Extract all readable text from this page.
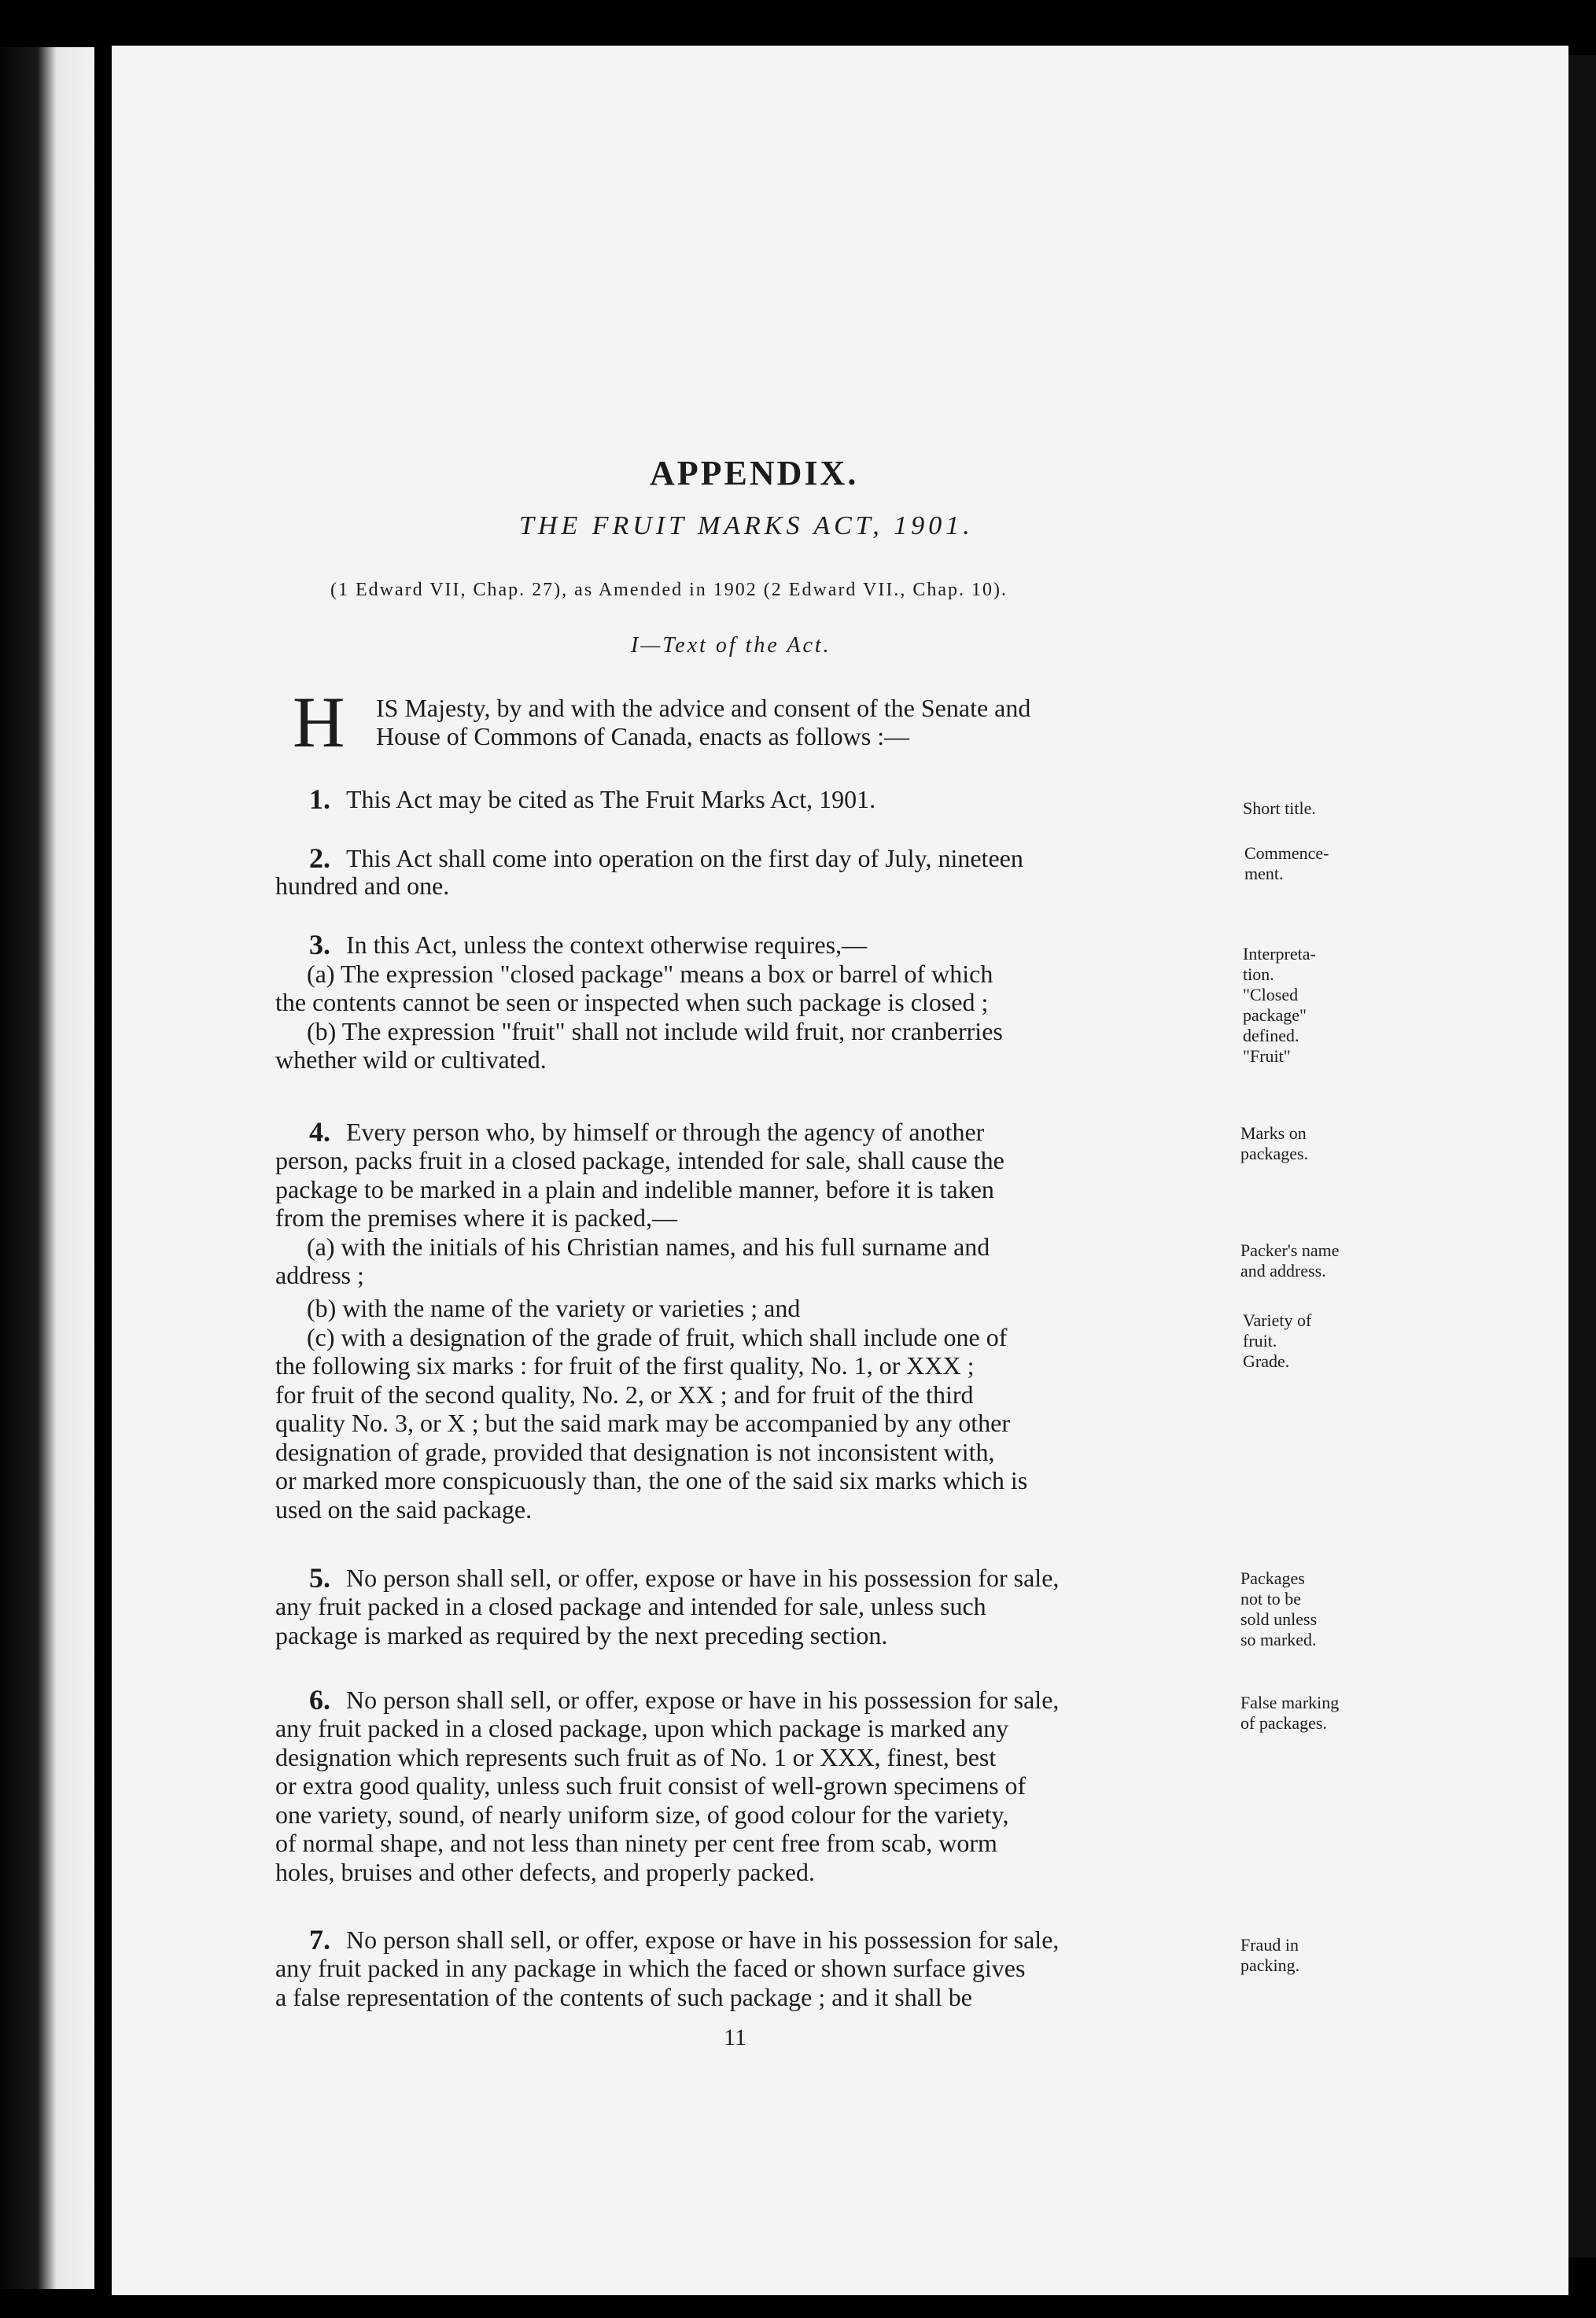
APPENDIX.
THE FRUIT MARKS ACT, 1901.
(1 Edward VII, Chap. 27), as Amended in 1902 (2 Edward VII., Chap. 10).
I—Text of the Act.
H IS Majesty, by and with the advice and consent of the Senate and
House of Commons of Canada, enacts as follows :—
1. This Act may be cited as The Fruit Marks Act, 1901.	Short title.
2. This Act shall come into operation on the first day of July, nineteen
hundred and one.
Commence-
ment.
3. In this Act, unless the context otherwise requires,—
(a) The expression "closed package" means a box or barrel of which
the contents cannot be seen or inspected when such package is closed ;
(b) The expression "fruit" shall not include wild fruit, nor cranberries
whether wild or cultivated.
Interpreta-
tion.
"Closed
package"
defined.
"Fruit"
4. Every person who, by himself or through the agency of another
person, packs fruit in a closed package, intended for sale, shall cause the
package to be marked in a plain and indelible manner, before it is taken
from the premises where it is packed,—
(a) with the initials of his Christian names, and his full surname and
address ;
(b) with the name of the variety or varieties ; and
(c) with a designation of the grade of fruit, which shall include one of
the following six marks : for fruit of the first quality, No. 1, or XXX ;
for fruit of the second quality, No. 2, or XX ; and for fruit of the third
quality No. 3, or X ; but the said mark may be accompanied by any other
designation of grade, provided that designation is not inconsistent with,
or marked more conspicuously than, the one of the said six marks which is
used on the said package.
Marks on
packages.
Packer's name
and address.
Variety of
fruit.
Grade.
5. No person shall sell, or offer, expose or have in his possession for sale,
any fruit packed in a closed package and intended for sale, unless such
package is marked as required by the next preceding section.
Packages
not to be
sold unless
so marked.
6. No person shall sell, or offer, expose or have in his possession for sale,
any fruit packed in a closed package, upon which package is marked any
designation which represents such fruit as of No. 1 or XXX, finest, best
or extra good quality, unless such fruit consist of well-grown specimens of
one variety, sound, of nearly uniform size, of good colour for the variety,
of normal shape, and not less than ninety per cent free from scab, worm
holes, bruises and other defects, and properly packed.
False marking
of packages.
7. No person shall sell, or offer, expose or have in his possession for sale,
any fruit packed in any package in which the faced or shown surface gives
a false representation of the contents of such package ; and it shall be
Fraud in
packing.
11
